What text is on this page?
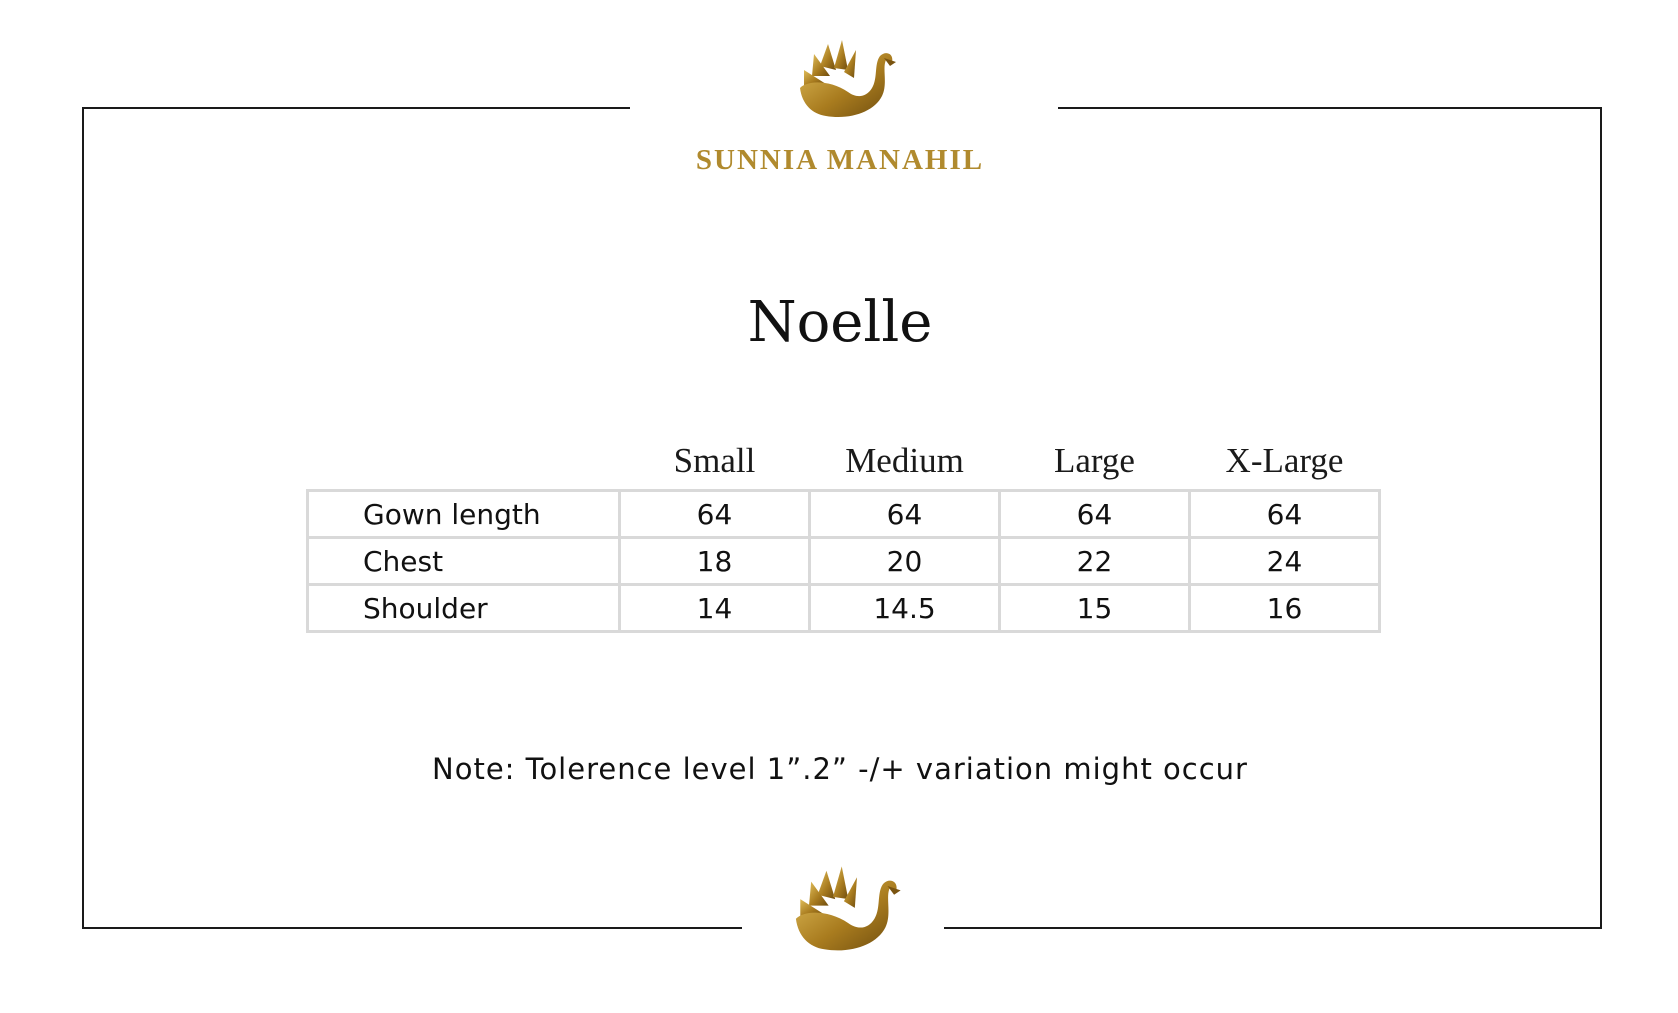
SUNNIA MANAHIL
Noelle
	Small	Medium	Large	X-Large
Gown length	64	64	64	64
Chest	18	20	22	24
Shoulder	14	14.5	15	16
Note: Tolerence level 1”.2” -/+ variation might occur
